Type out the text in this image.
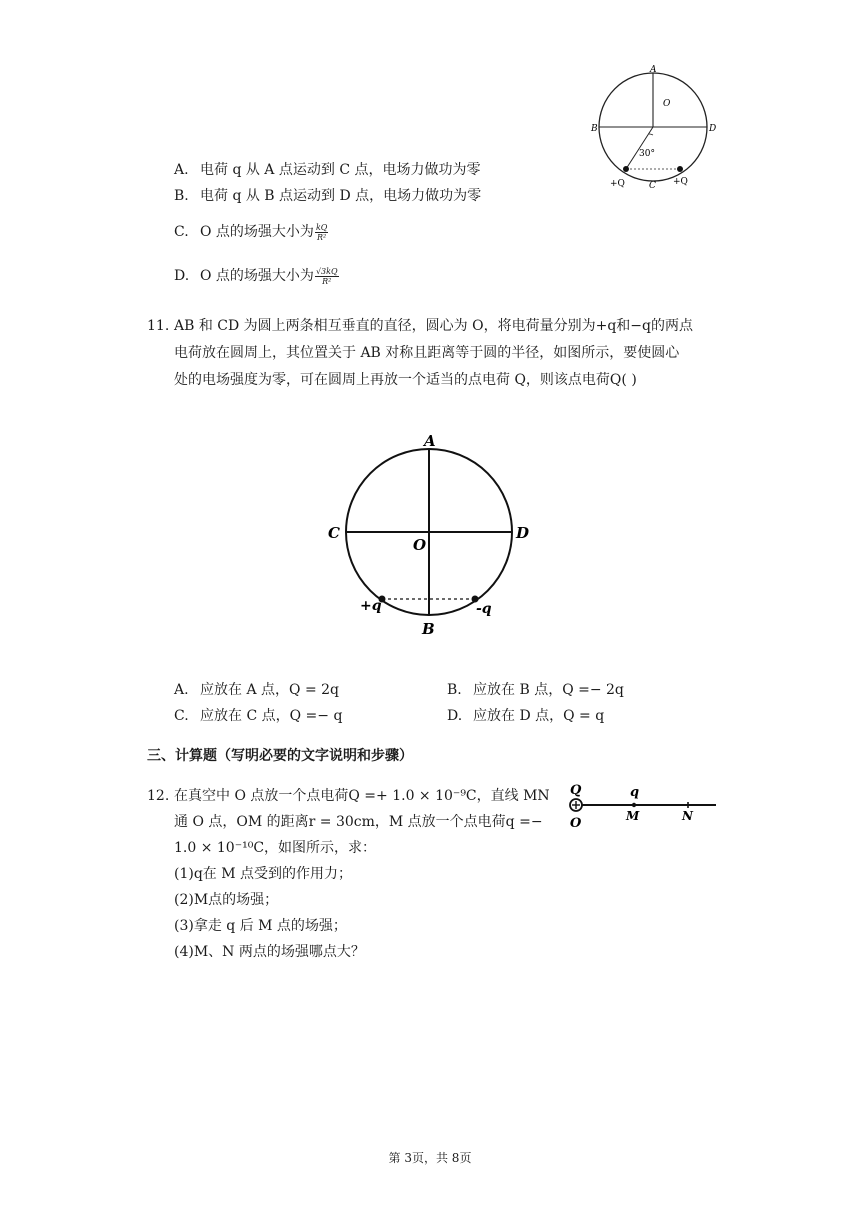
A
O
B	D
30°
+Q	C +Q
A. 电荷 q 从 A 点运动到 C 点，电场力做功为零
B. 电荷 q 从 B 点运动到 D 点，电场力做功为零
C. O 点的场强大小为 $\frac{kQ}{\text{R²}}$
D. O 点的场强大小为 $\frac{√3kQ}{\text{R²}}$
11. AB 和 CD 为圆上两条相互垂直的直径，圆心为 O，将电荷量分别为+q和−q的两点
电荷放在圆周上，其位置关于 AB 对称且距离等于圆的半径，如图所示，要使圆心
处的电场强度为零，可在圆周上再放一个适当的点电荷 Q，则该点电荷Q( )
A
C	D
O
+q	-q
B
A. 应放在 A 点，Q = 2q	B. 应放在 B 点，Q =− 2q
C. 应放在 C 点，Q =− q	D. 应放在 D 点，Q = q
三、计算题（写明必要的文字说明和步骤）
12. 在真空中 O 点放一个点电荷Q =+ 1.0 × 10⁻⁹C，直线 MN
通 O 点，OM 的距离r = 30cm，M 点放一个点电荷q =−
1.0 × 10⁻¹⁰C，如图所示，求：
(1)q在 M 点受到的作用力；
(2)M点的场强；
(3)拿走 q 后 M 点的场强；
(4)M、N 两点的场强哪点大？
Q
O
q
M	N
第 3页，共 8页
